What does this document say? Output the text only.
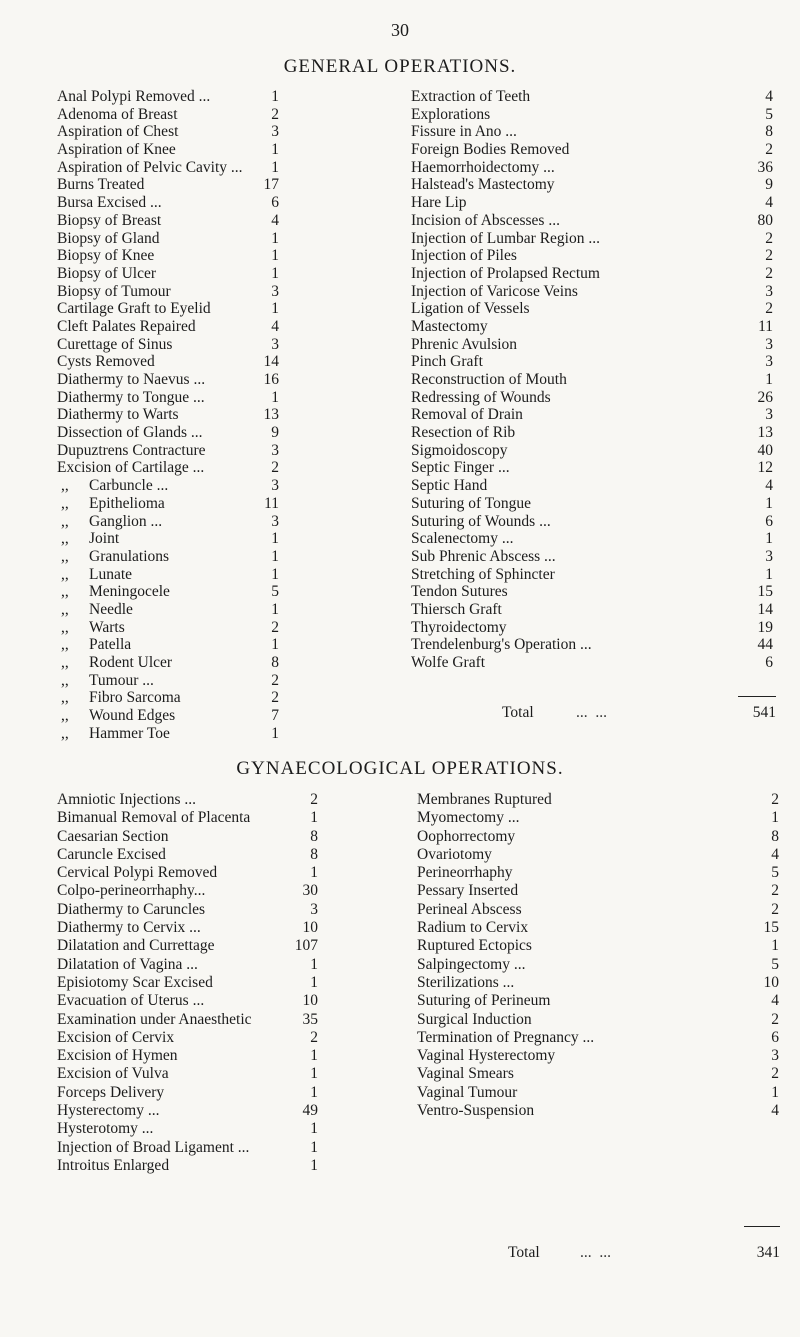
30
GENERAL OPERATIONS.
Anal Polypi Removed ...	1
Adenoma of Breast	2
Aspiration of Chest	3
Aspiration of Knee	1
Aspiration of Pelvic Cavity ...	1
Burns Treated	17
Bursa Excised ...	6
Biopsy of Breast	4
Biopsy of Gland	1
Biopsy of Knee	1
Biopsy of Ulcer	1
Biopsy of Tumour	3
Cartilage Graft to Eyelid	1
Cleft Palates Repaired	4
Curettage of Sinus	3
Cysts Removed	14
Diathermy to Naevus ...	16
Diathermy to Tongue ...	1
Diathermy to Warts	13
Dissection of Glands ...	9
Dupuztrens Contracture	3
Excision of Cartilage ...	2
,, Carbuncle ...	3
,, Epithelioma	11
,, Ganglion ...	3
,, Joint	1
,, Granulations	1
,, Lunate	1
,, Meningocele	5
,, Needle	1
,, Warts	2
,, Patella	1
,, Rodent Ulcer	8
,, Tumour ...	2
,, Fibro Sarcoma	2
,, Wound Edges	7
,, Hammer Toe	1
Extraction of Teeth	4
Explorations	5
Fissure in Ano ...	8
Foreign Bodies Removed	2
Haemorrhoidectomy ...	36
Halstead's Mastectomy	9
Hare Lip	4
Incision of Abscesses ...	80
Injection of Lumbar Region ...	2
Injection of Piles	2
Injection of Prolapsed Rectum	2
Injection of Varicose Veins	3
Ligation of Vessels	2
Mastectomy	11
Phrenic Avulsion	3
Pinch Graft	3
Reconstruction of Mouth	1
Redressing of Wounds	26
Removal of Drain	3
Resection of Rib	13
Sigmoidoscopy	40
Septic Finger ...	12
Septic Hand	4
Suturing of Tongue	1
Suturing of Wounds ...	6
Scalenectomy ...	1
Sub Phrenic Abscess ...	3
Stretching of Sphincter	1
Tendon Sutures	15
Thiersch Graft	14
Thyroidectomy	19
Trendelenburg's Operation ...	44
Wolfe Graft	6
Total	...  ...	541
GYNAECOLOGICAL OPERATIONS.
Amniotic Injections ...	2
Bimanual Removal of Placenta	1
Caesarian Section	8
Caruncle Excised	8
Cervical Polypi Removed	1
Colpo-perineorrhaphy...	30
Diathermy to Caruncles	3
Diathermy to Cervix ...	10
Dilatation and Currettage	107
Dilatation of Vagina ...	1
Episiotomy Scar Excised	1
Evacuation of Uterus ...	10
Examination under Anaesthetic	35
Excision of Cervix	2
Excision of Hymen	1
Excision of Vulva	1
Forceps Delivery	1
Hysterectomy ...	49
Hysterotomy ...	1
Injection of Broad Ligament ...	1
Introitus Enlarged	1
Membranes Ruptured	2
Myomectomy ...	1
Oophorrectomy	8
Ovariotomy	4
Perineorrhaphy	5
Pessary Inserted	2
Perineal Abscess	2
Radium to Cervix	15
Ruptured Ectopics	1
Salpingectomy ...	5
Sterilizations ...	10
Suturing of Perineum	4
Surgical Induction	2
Termination of Pregnancy ...	6
Vaginal Hysterectomy	3
Vaginal Smears	2
Vaginal Tumour	1
Ventro-Suspension	4
Total	...  ...	341
